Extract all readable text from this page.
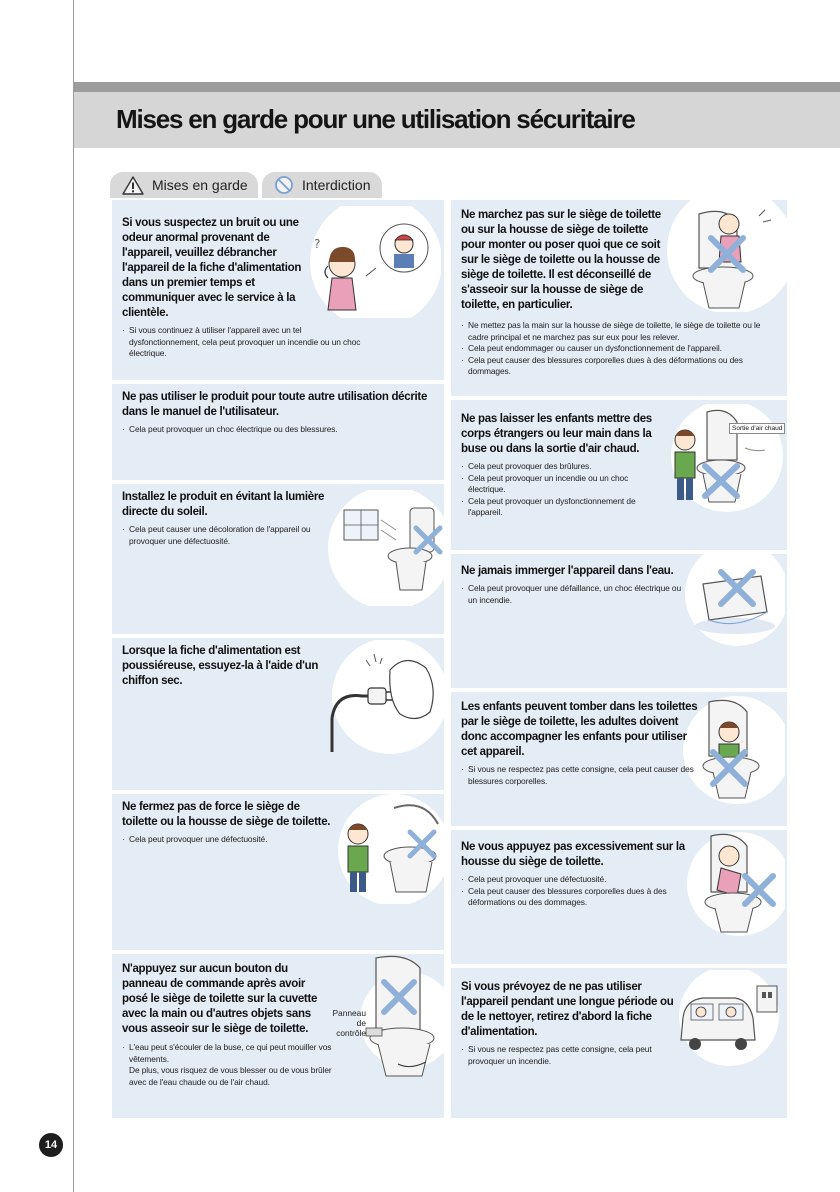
Mises en garde pour une utilisation sécuritaire
Mises en garde	Interdiction
?
Si vous suspectez un bruit ou une odeur anormal provenant de l'appareil, veuillez débrancher l'appareil de la fiche d'alimentation dans un premier temps et communiquer avec le service à la clientèle.
· Si vous continuez à utiliser l'appareil avec un tel dysfonctionnement, cela peut provoquer un incendie ou un choc électrique.
Ne pas utiliser le produit pour toute autre utilisation décrite dans le manuel de l'utilisateur.
· Cela peut provoquer un choc électrique ou des blessures.
Installez le produit en évitant la lumière directe du soleil.
· Cela peut causer une décoloration de l'appareil ou provoquer une défectuosité.
Lorsque la fiche d'alimentation est poussiéreuse, essuyez-la à l'aide d'un chiffon sec.
Ne fermez pas de force le siège de toilette ou la housse de siège de toilette.
· Cela peut provoquer une défectuosité.
Panneau
de
contrôle
N'appuyez sur aucun bouton du panneau de commande après avoir posé le siège de toilette sur la cuvette avec la main ou d'autres objets sans vous asseoir sur le siège de toilette.
· L'eau peut s'écouler de la buse, ce qui peut mouiller vos vêtements.
De plus, vous risquez de vous blesser ou de vous brûler avec de l'eau chaude ou de l'air chaud.
Ne marchez pas sur le siège de toilette ou sur la housse de siège de toilette pour monter ou poser quoi que ce soit sur le siège de toilette ou la housse de siège de toilette. Il est déconseillé de s'asseoir sur la housse de siège de toilette, en particulier.
· Ne mettez pas la main sur la housse de siège de toilette, le siège de toilette ou le cadre principal et ne marchez pas sur eux pour les relever.
· Cela peut endommager ou causer un dysfonctionnement de l'appareil.
· Cela peut causer des blessures corporelles dues à des déformations ou des dommages.
Sortie d'air chaud
Ne pas laisser les enfants mettre des corps étrangers ou leur main dans la buse ou dans la sortie d'air chaud.
· Cela peut provoquer des brûlures.
· Cela peut provoquer un incendie ou un choc électrique.
· Cela peut provoquer un dysfonctionnement de l'appareil.
Ne jamais immerger l'appareil dans l'eau.
· Cela peut provoquer une défaillance, un choc électrique ou un incendie.
Les enfants peuvent tomber dans les toilettes par le siège de toilette, les adultes doivent donc accompagner les enfants pour utiliser cet appareil.
· Si vous ne respectez pas cette consigne, cela peut causer des blessures corporelles.
Ne vous appuyez pas excessivement sur la housse du siège de toilette.
· Cela peut provoquer une défectuosité.
· Cela peut causer des blessures corporelles dues à des déformations ou des dommages.
Si vous prévoyez de ne pas utiliser l'appareil pendant une longue période ou de le nettoyer, retirez d'abord la fiche d'alimentation.
· Si vous ne respectez pas cette consigne, cela peut provoquer un incendie.
14
